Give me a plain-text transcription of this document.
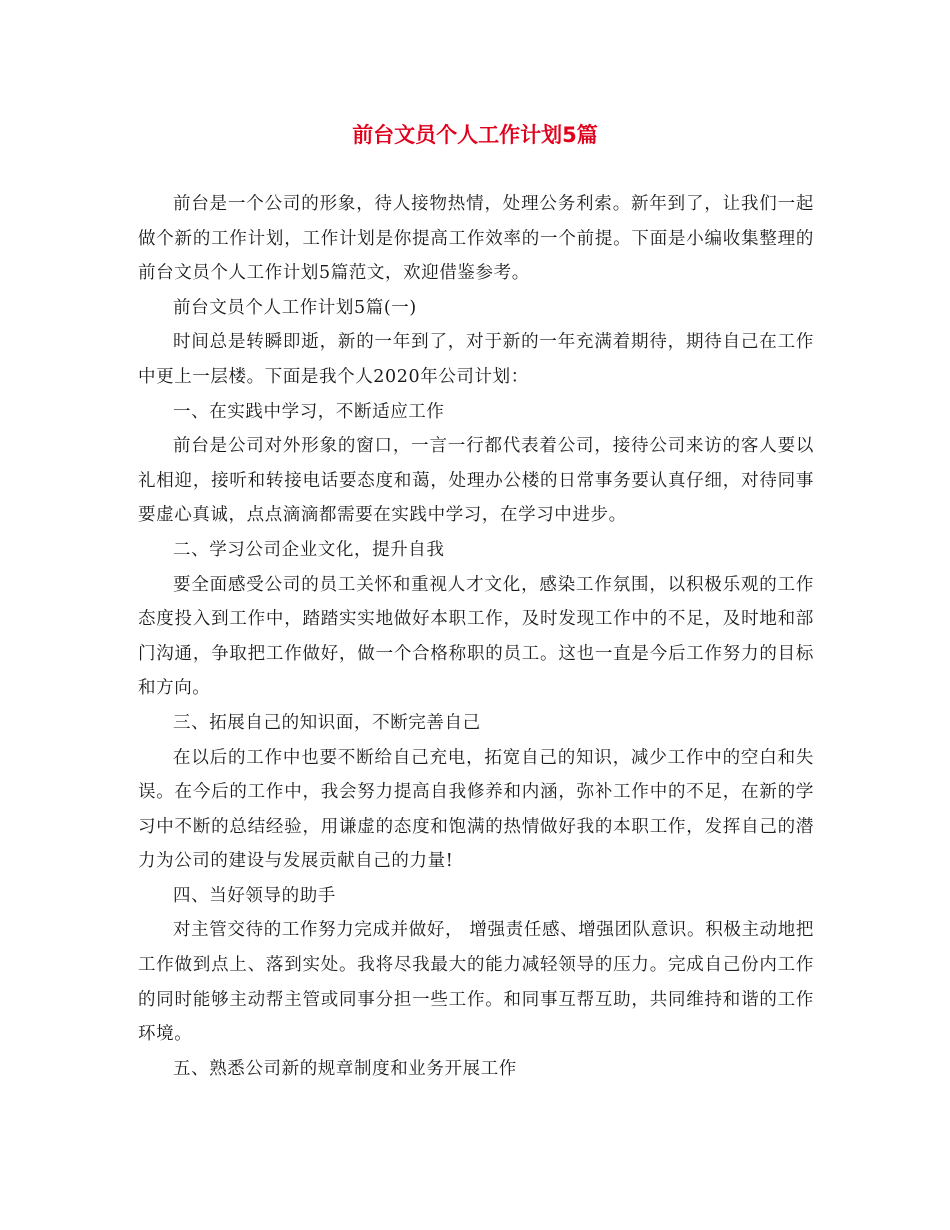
前台文员个人工作计划5篇

前台是一个公司的形象，待人接物热情，处理公务利索。新年到了，让我们一起做个新的工作计划，工作计划是你提高工作效率的一个前提。下面是小编收集整理的前台文员个人工作计划5篇范文，欢迎借鉴参考。

前台文员个人工作计划5篇(一)

时间总是转瞬即逝，新的一年到了，对于新的一年充满着期待，期待自己在工作中更上一层楼。下面是我个人2020年公司计划：

一、在实践中学习，不断适应工作

前台是公司对外形象的窗口，一言一行都代表着公司，接待公司来访的客人要以礼相迎，接听和转接电话要态度和蔼，处理办公楼的日常事务要认真仔细，对待同事要虚心真诚，点点滴滴都需要在实践中学习，在学习中进步。

二、学习公司企业文化，提升自我

要全面感受公司的员工关怀和重视人才文化，感染工作氛围，以积极乐观的工作态度投入到工作中，踏踏实实地做好本职工作，及时发现工作中的不足，及时地和部门沟通，争取把工作做好，做一个合格称职的员工。这也一直是今后工作努力的目标和方向。

三、拓展自己的知识面，不断完善自己

在以后的工作中也要不断给自己充电，拓宽自己的知识，减少工作中的空白和失误。在今后的工作中，我会努力提高自我修养和内涵，弥补工作中的不足，在新的学习中不断的总结经验，用谦虚的态度和饱满的热情做好我的本职工作，发挥自己的潜力为公司的建设与发展贡献自己的力量!

四、当好领导的助手

对主管交待的工作努力完成并做好， 增强责任感、增强团队意识。积极主动地把工作做到点上、落到实处。我将尽我最大的能力减轻领导的压力。完成自己份内工作的同时能够主动帮主管或同事分担一些工作。和同事互帮互助，共同维持和谐的工作环境。

五、熟悉公司新的规章制度和业务开展工作
